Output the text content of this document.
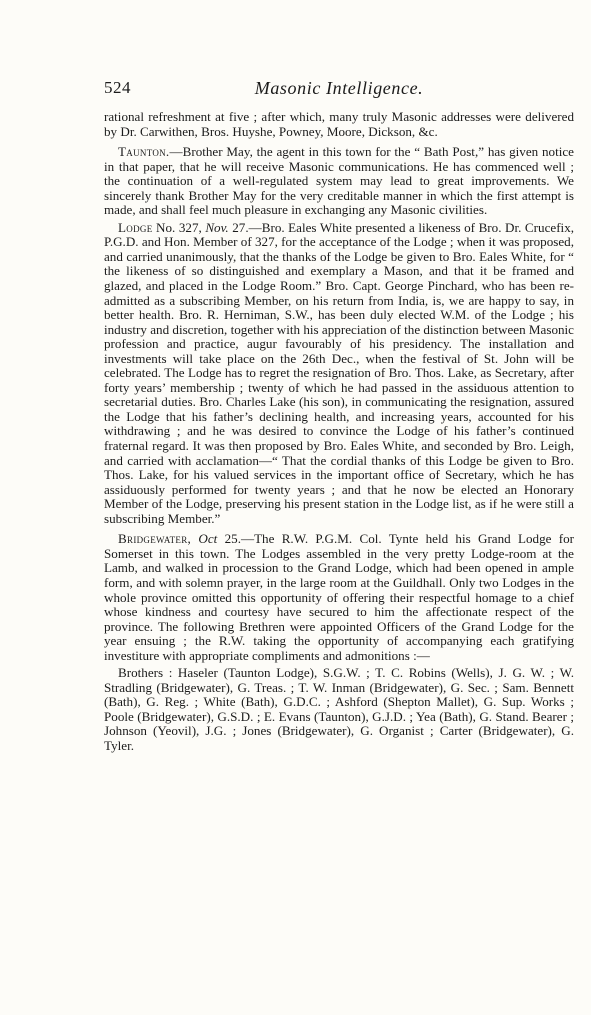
524	Masonic Intelligence.

rational refreshment at five ; after which, many truly Masonic addresses were delivered by Dr. Carwithen, Bros. Huyshe, Powney, Moore, Dickson, &c.

Taunton.—Brother May, the agent in this town for the “ Bath Post,” has given notice in that paper, that he will receive Masonic communications. He has commenced well ; the continuation of a well-regulated system may lead to great improvements. We sincerely thank Brother May for the very creditable manner in which the first attempt is made, and shall feel much pleasure in exchanging any Masonic civilities.

Lodge No. 327, Nov. 27.—Bro. Eales White presented a likeness of Bro. Dr. Crucefix, P.G.D. and Hon. Member of 327, for the acceptance of the Lodge ; when it was proposed, and carried unanimously, that the thanks of the Lodge be given to Bro. Eales White, for “ the likeness of so distinguished and exemplary a Mason, and that it be framed and glazed, and placed in the Lodge Room.” Bro. Capt. George Pinchard, who has been re-admitted as a subscribing Member, on his return from India, is, we are happy to say, in better health. Bro. R. Herniman, S.W., has been duly elected W.M. of the Lodge ; his industry and discretion, together with his appreciation of the distinction between Masonic profession and practice, augur favourably of his presidency. The installation and investments will take place on the 26th Dec., when the festival of St. John will be celebrated. The Lodge has to regret the resignation of Bro. Thos. Lake, as Secretary, after forty years’ membership ; twenty of which he had passed in the assiduous attention to secretarial duties. Bro. Charles Lake (his son), in communicating the resignation, assured the Lodge that his father’s declining health, and increasing years, accounted for his withdrawing ; and he was desired to convince the Lodge of his father’s continued fraternal regard. It was then proposed by Bro. Eales White, and seconded by Bro. Leigh, and carried with acclamation—“ That the cordial thanks of this Lodge be given to Bro. Thos. Lake, for his valued services in the important office of Secretary, which he has assiduously performed for twenty years ; and that he now be elected an Honorary Member of the Lodge, preserving his present station in the Lodge list, as if he were still a subscribing Member.”

Bridgewater, Oct 25.—The R.W. P.G.M. Col. Tynte held his Grand Lodge for Somerset in this town. The Lodges assembled in the very pretty Lodge-room at the Lamb, and walked in procession to the Grand Lodge, which had been opened in ample form, and with solemn prayer, in the large room at the Guildhall. Only two Lodges in the whole province omitted this opportunity of offering their respectful homage to a chief whose kindness and courtesy have secured to him the affectionate respect of the province. The following Brethren were appointed Officers of the Grand Lodge for the year ensuing ; the R.W. taking the opportunity of accompanying each gratifying investiture with appropriate compliments and admonitions :—

Brothers : Haseler (Taunton Lodge), S.G.W. ; T. C. Robins (Wells), J. G. W. ; W. Stradling (Bridgewater), G. Treas. ; T. W. Inman (Bridgewater), G. Sec. ; Sam. Bennett (Bath), G. Reg. ; White (Bath), G.D.C. ; Ashford (Shepton Mallet), G. Sup. Works ; Poole (Bridgewater), G.S.D. ; E. Evans (Taunton), G.J.D. ; Yea (Bath), G. Stand. Bearer ; Johnson (Yeovil), J.G. ; Jones (Bridgewater), G. Organist ; Carter (Bridgewater), G. Tyler.
